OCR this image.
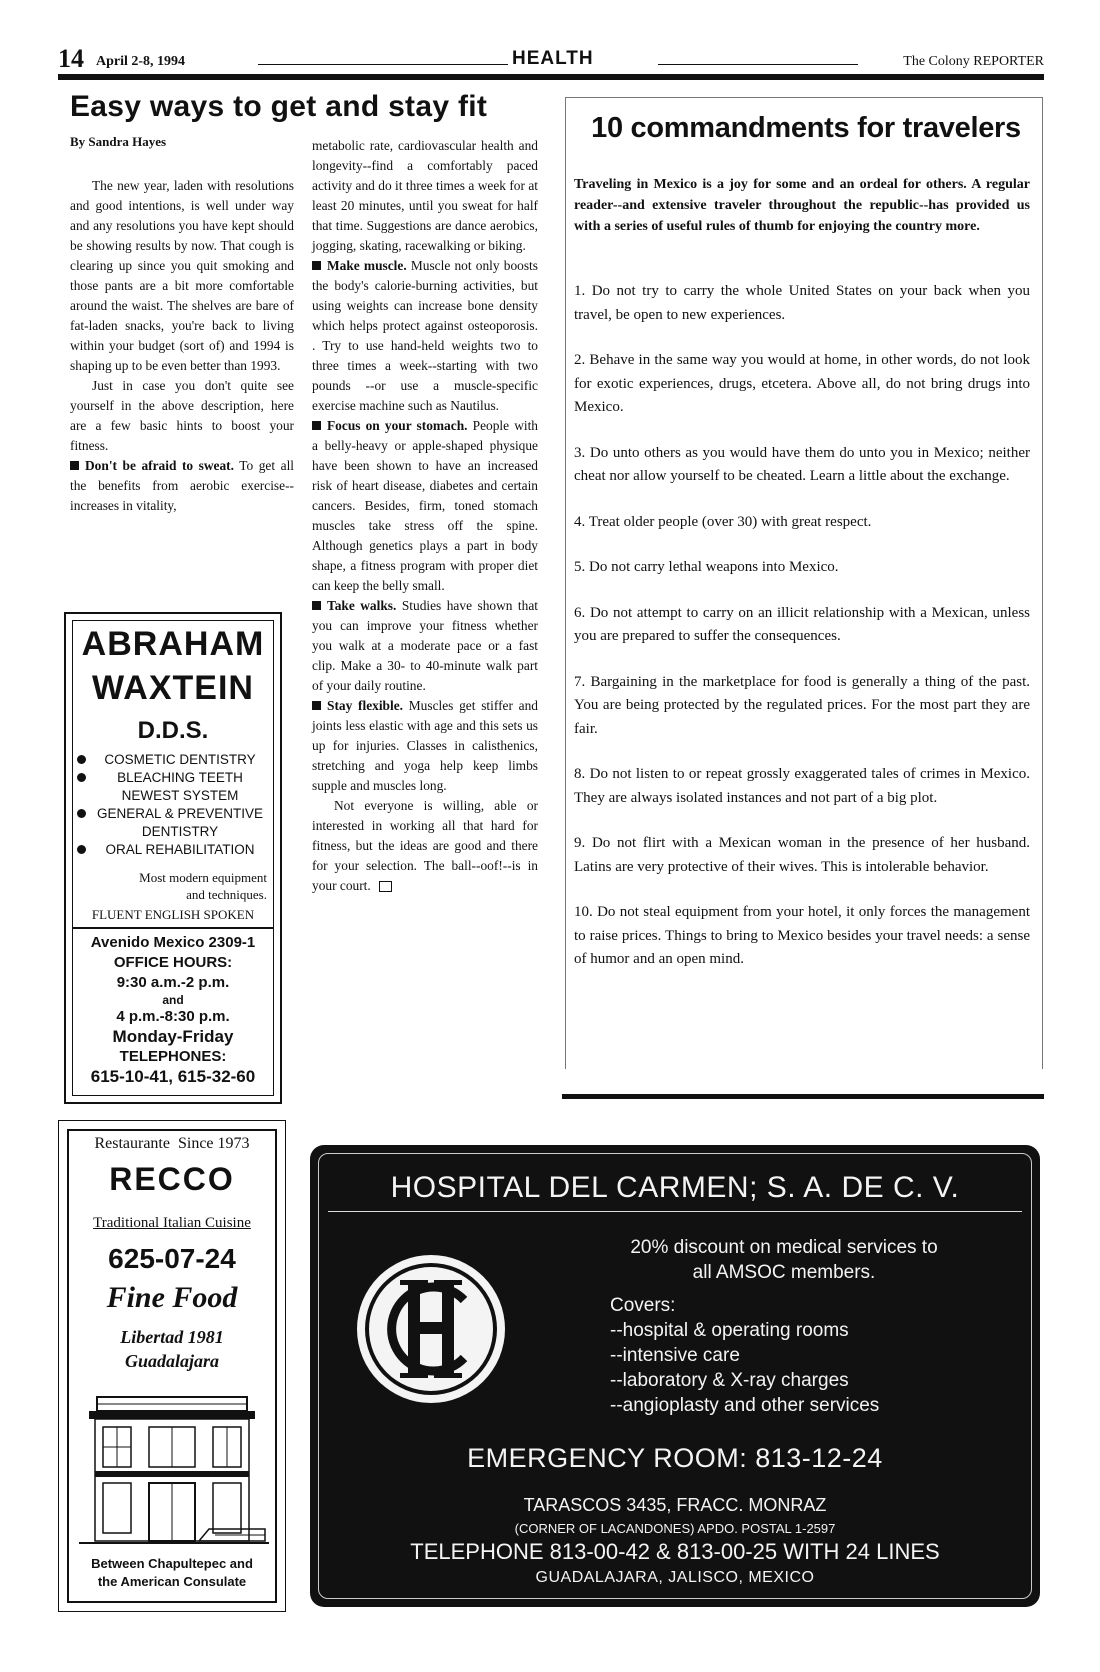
14 April 2-8, 1994	HEALTH	The Colony REPORTER
Easy ways to get and stay fit
By Sandra Hayes

The new year, laden with resolutions and good intentions, is well under way and any resolutions you have kept should be showing results by now. That cough is clearing up since you quit smoking and those pants are a bit more comfortable around the waist. The shelves are bare of fat-laden snacks, you're back to living within your budget (sort of) and 1994 is shaping up to be even better than 1993.

Just in case you don't quite see yourself in the above description, here are a few basic hints to boost your fitness.

Don't be afraid to sweat. To get all the benefits from aerobic exercise--increases in vitality,

metabolic rate, cardiovascular health and longevity--find a comfortably paced activity and do it three times a week for at least 20 minutes, until you sweat for half that time. Suggestions are dance aerobics, jogging, skating, racewalking or biking.

Make muscle. Muscle not only boosts the body's calorie-burning activities, but using weights can increase bone density which helps protect against osteoporosis. . Try to use hand-held weights two to three times a week--starting with two pounds --or use a muscle-specific exercise machine such as Nautilus.

Focus on your stomach. People with a belly-heavy or apple-shaped physique have been shown to have an increased risk of heart disease, diabetes and certain cancers. Besides, firm, toned stomach muscles take stress off the spine. Although genetics plays a part in body shape, a fitness program with proper diet can keep the belly small.

Take walks. Studies have shown that you can improve your fitness whether you walk at a moderate pace or a fast clip. Make a 30- to 40-minute walk part of your daily routine.

Stay flexible. Muscles get stiffer and joints less elastic with age and this sets us up for injuries. Classes in calisthenics, stretching and yoga help keep limbs supple and muscles long.

Not everyone is willing, able or interested in working all that hard for fitness, but the ideas are good and there for your selection. The ball--oof!--is in your court.

10 commandments for travelers
Traveling in Mexico is a joy for some and an ordeal for others. A regular reader--and extensive traveler throughout the republic--has provided us with a series of useful rules of thumb for enjoying the country more.

1. Do not try to carry the whole United States on your back when you travel, be open to new experiences.

2. Behave in the same way you would at home, in other words, do not look for exotic experiences, drugs, etcetera. Above all, do not bring drugs into Mexico.

3. Do unto others as you would have them do unto you in Mexico; neither cheat nor allow yourself to be cheated. Learn a little about the exchange.

4. Treat older people (over 30) with great respect.

5. Do not carry lethal weapons into Mexico.

6. Do not attempt to carry on an illicit relationship with a Mexican, unless you are prepared to suffer the consequences.

7. Bargaining in the marketplace for food is generally a thing of the past. You are being protected by the regulated prices. For the most part they are fair.

8. Do not listen to or repeat grossly exaggerated tales of crimes in Mexico. They are always isolated instances and not part of a big plot.

9. Do not flirt with a Mexican woman in the presence of her husband. Latins are very protective of their wives. This is intolerable behavior.

10. Do not steal equipment from your hotel, it only forces the management to raise prices. Things to bring to Mexico besides your travel needs: a sense of humor and an open mind.

ABRAHAM
WAXTEIN
D.D.S.
COSMETIC DENTISTRY
BLEACHING TEETH
NEWEST SYSTEM
GENERAL & PREVENTIVE
DENTISTRY
ORAL REHABILITATION
Most modern equipment
and techniques.
FLUENT ENGLISH SPOKEN
Avenido Mexico 2309-1
OFFICE HOURS:
9:30 a.m.-2 p.m.
and
4 p.m.-8:30 p.m.
Monday-Friday
TELEPHONES:
615-10-41, 615-32-60
Restaurante Since 1973
RECCO
Traditional Italian Cuisine
625-07-24
Fine Food
Libertad 1981
Guadalajara
Between Chapultepec and
the American Consulate
HOSPITAL DEL CARMEN; S. A. DE C. V.
20% discount on medical services to
all AMSOC members.
Covers:
--hospital & operating rooms
--intensive care
--laboratory & X-ray charges
--angioplasty and other services
EMERGENCY ROOM: 813-12-24
TARASCOS 3435, FRACC. MONRAZ
(CORNER OF LACANDONES) APDO. POSTAL 1-2597
TELEPHONE 813-00-42 & 813-00-25 WITH 24 LINES
GUADALAJARA, JALISCO, MEXICO
